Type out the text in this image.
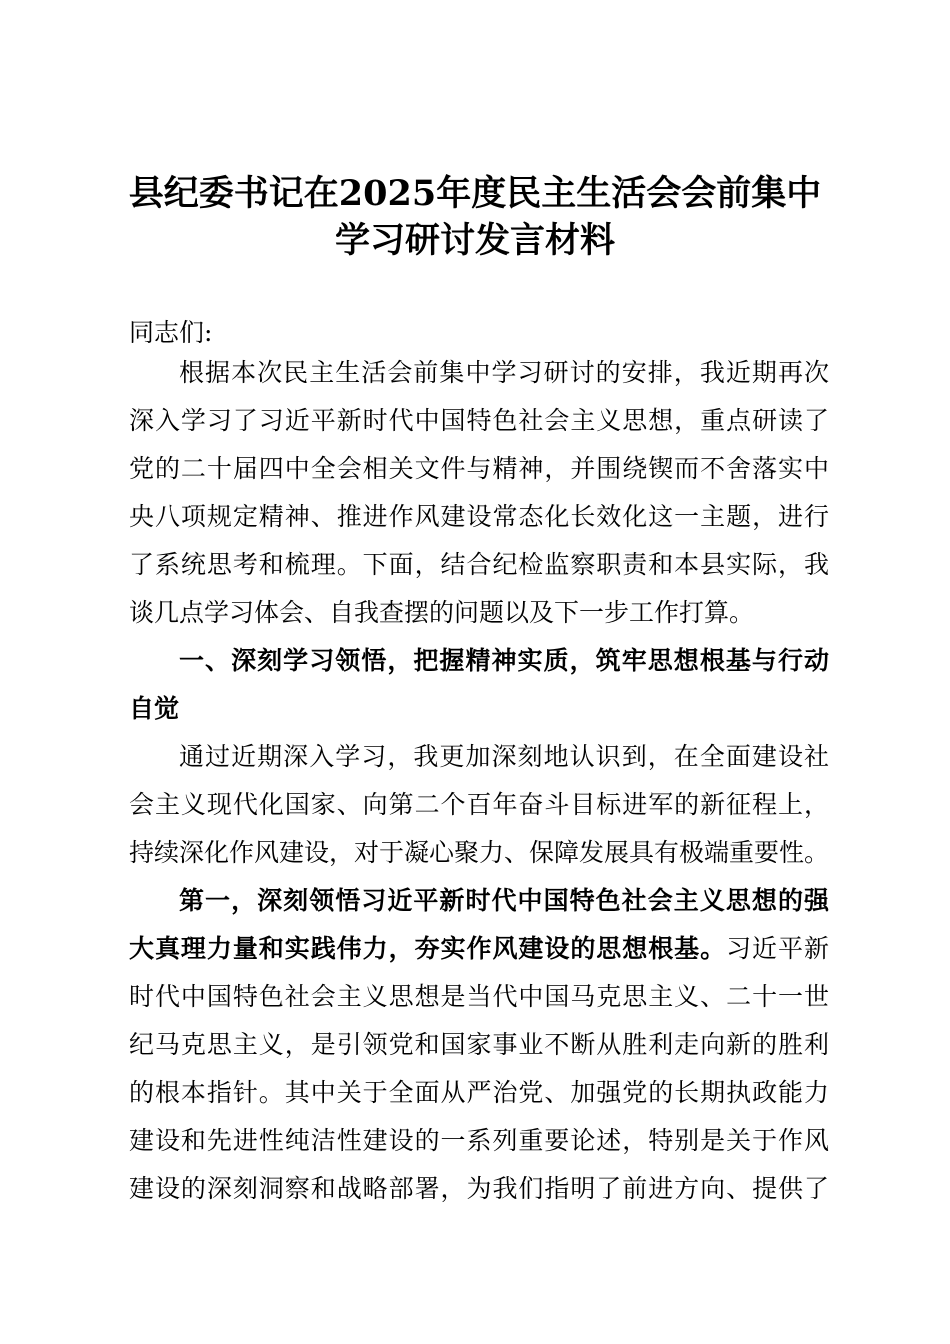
县纪委书记在2025年度民主生活会会前集中
学习研讨发言材料

同志们:

根据本次民主生活会前集中学习研讨的安排，我近期再次

深入学习了习近平新时代中国特色社会主义思想，重点研读了

党的二十届四中全会相关文件与精神，并围绕锲而不舍落实中

央八项规定精神、推进作风建设常态化长效化这一主题，进行

了系统思考和梳理。下面，结合纪检监察职责和本县实际，我

谈几点学习体会、自我查摆的问题以及下一步工作打算。

一、深刻学习领悟，把握精神实质，筑牢思想根基与行动

自觉

通过近期深入学习，我更加深刻地认识到，在全面建设社

会主义现代化国家、向第二个百年奋斗目标进军的新征程上，

持续深化作风建设，对于凝心聚力、保障发展具有极端重要性。

第一，深刻领悟习近平新时代中国特色社会主义思想的强

大真理力量和实践伟力，夯实作风建设的思想根基。习近平新

时代中国特色社会主义思想是当代中国马克思主义、二十一世

纪马克思主义，是引领党和国家事业不断从胜利走向新的胜利

的根本指针。其中关于全面从严治党、加强党的长期执政能力

建设和先进性纯洁性建设的一系列重要论述，特别是关于作风

建设的深刻洞察和战略部署，为我们指明了前进方向、提供了
